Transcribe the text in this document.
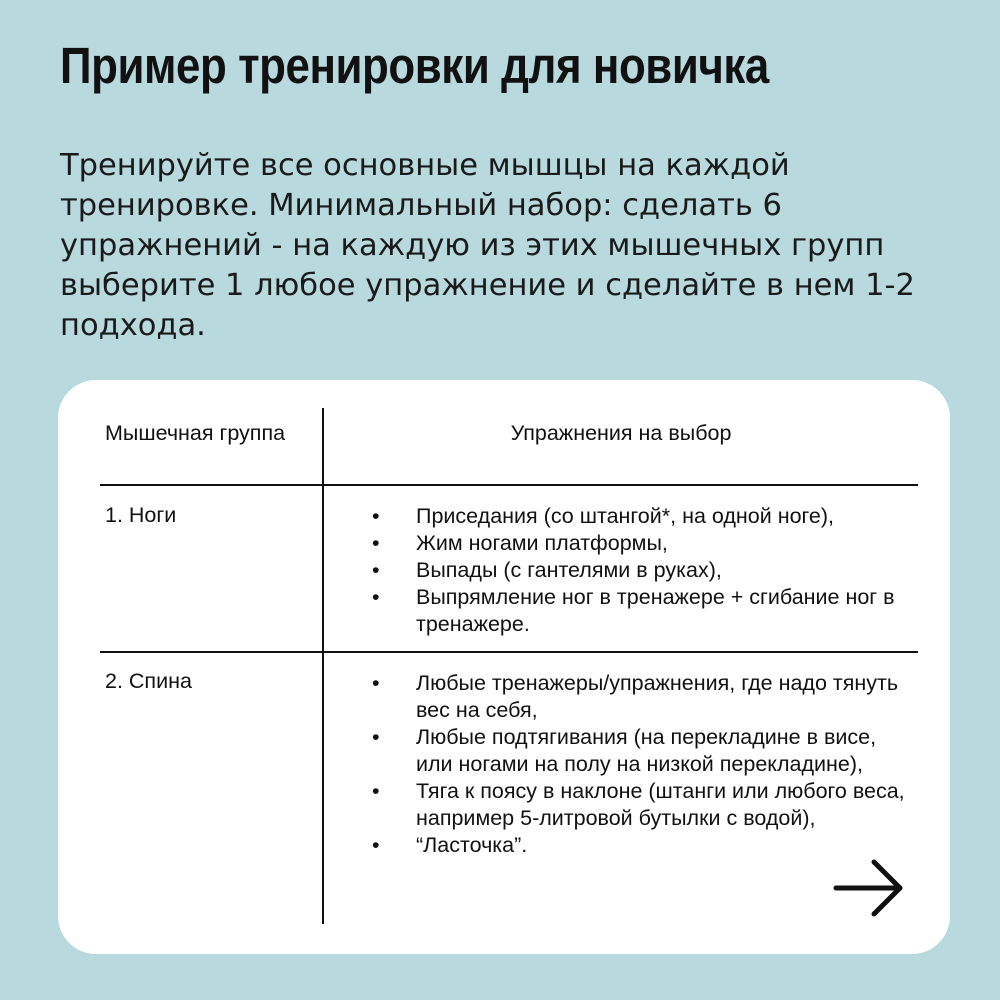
Пример тренировки для новичка

Тренируйте все основные мышцы на каждой тренировке. Минимальный набор: сделать 6 упражнений - на каждую из этих мышечных групп выберите 1 любое упражнение и сделайте в нем 1-2 подхода.

Мышечная группа	Упражнения на выбор
1. Ноги	• Приседания (со штангой*, на одной ноге),
• Жим ногами платформы,
• Выпады (с гантелями в руках),
• Выпрямление ног в тренажере + сгибание ног в тренажере.
2. Спина	• Любые тренажеры/упражнения, где надо тянуть вес на себя,
• Любые подтягивания (на перекладине в висе, или ногами на полу на низкой перекладине),
• Тяга к поясу в наклоне (штанги или любого веса, например 5-литровой бутылки с водой),
• “Ласточка”.
